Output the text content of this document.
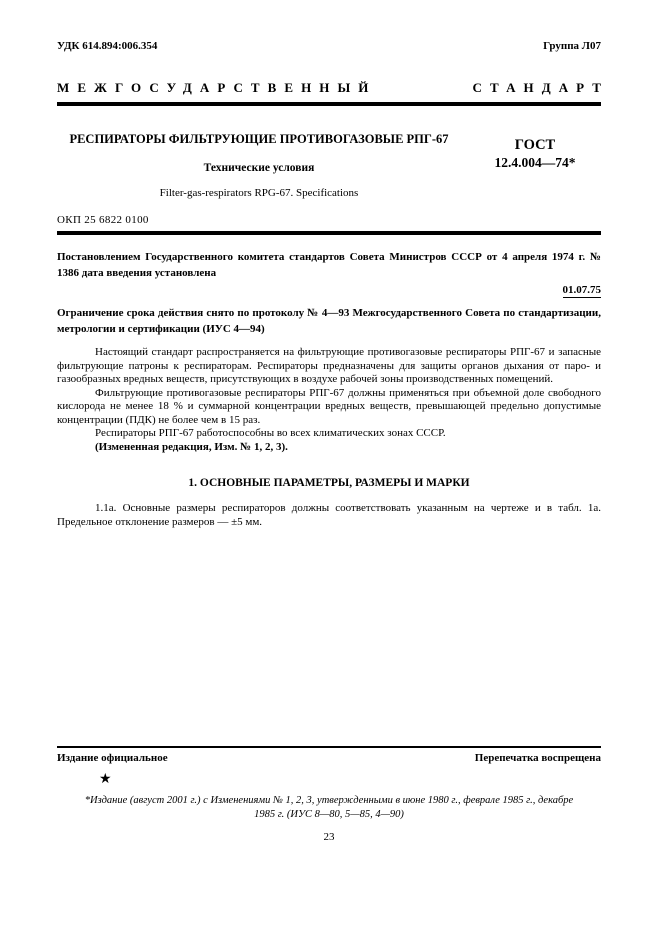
УДК 614.894:006.354	Группа Л07
МЕЖГОСУДАРСТВЕННЫЙ	СТАНДАРТ

РЕСПИРАТОРЫ ФИЛЬТРУЮЩИЕ ПРОТИВОГАЗОВЫЕ РПГ-67

Технические условия

Filter-gas-respirators RPG-67. Specifications

ГОСТ
12.4.004—74*
ОКП 25 6822 0100
Постановлением Государственного комитета стандартов Совета Министров СССР от 4 апреля 1974 г. № 1386 дата введения установлена
01.07.75
Ограничение срока действия снято по протоколу № 4—93 Межгосударственного Совета по стандартизации, метрологии и сертификации (ИУС 4—94)

Настоящий стандарт распространяется на фильтрующие противогазовые респираторы РПГ-67 и запасные фильтрующие патроны к респираторам. Респираторы предназначены для защиты органов дыхания от паро- и газообразных вредных веществ, присутствующих в воздухе рабочей зоны производственных помещений.

Фильтрующие противогазовые респираторы РПГ-67 должны применяться при объемной доле свободного кислорода не менее 18 % и суммарной концентрации вредных веществ, превышающей предельно допустимые концентрации (ПДК) не более чем в 15 раз.

Респираторы РПГ-67 работоспособны во всех климатических зонах СССР.

(Измененная редакция, Изм. № 1, 2, 3).

1. ОСНОВНЫЕ ПАРАМЕТРЫ, РАЗМЕРЫ И МАРКИ

1.1а. Основные размеры респираторов должны соответствовать указанным на чертеже и в табл. 1а. Предельное отклонение размеров — ±5 мм.

Издание официальное	Перепечатка воспрещена
★
*Издание (август 2001 г.) с Изменениями № 1, 2, 3, утвержденными в июне 1980 г., феврале 1985 г., декабре 1985 г. (ИУС 8—80, 5—85, 4—90)
23
